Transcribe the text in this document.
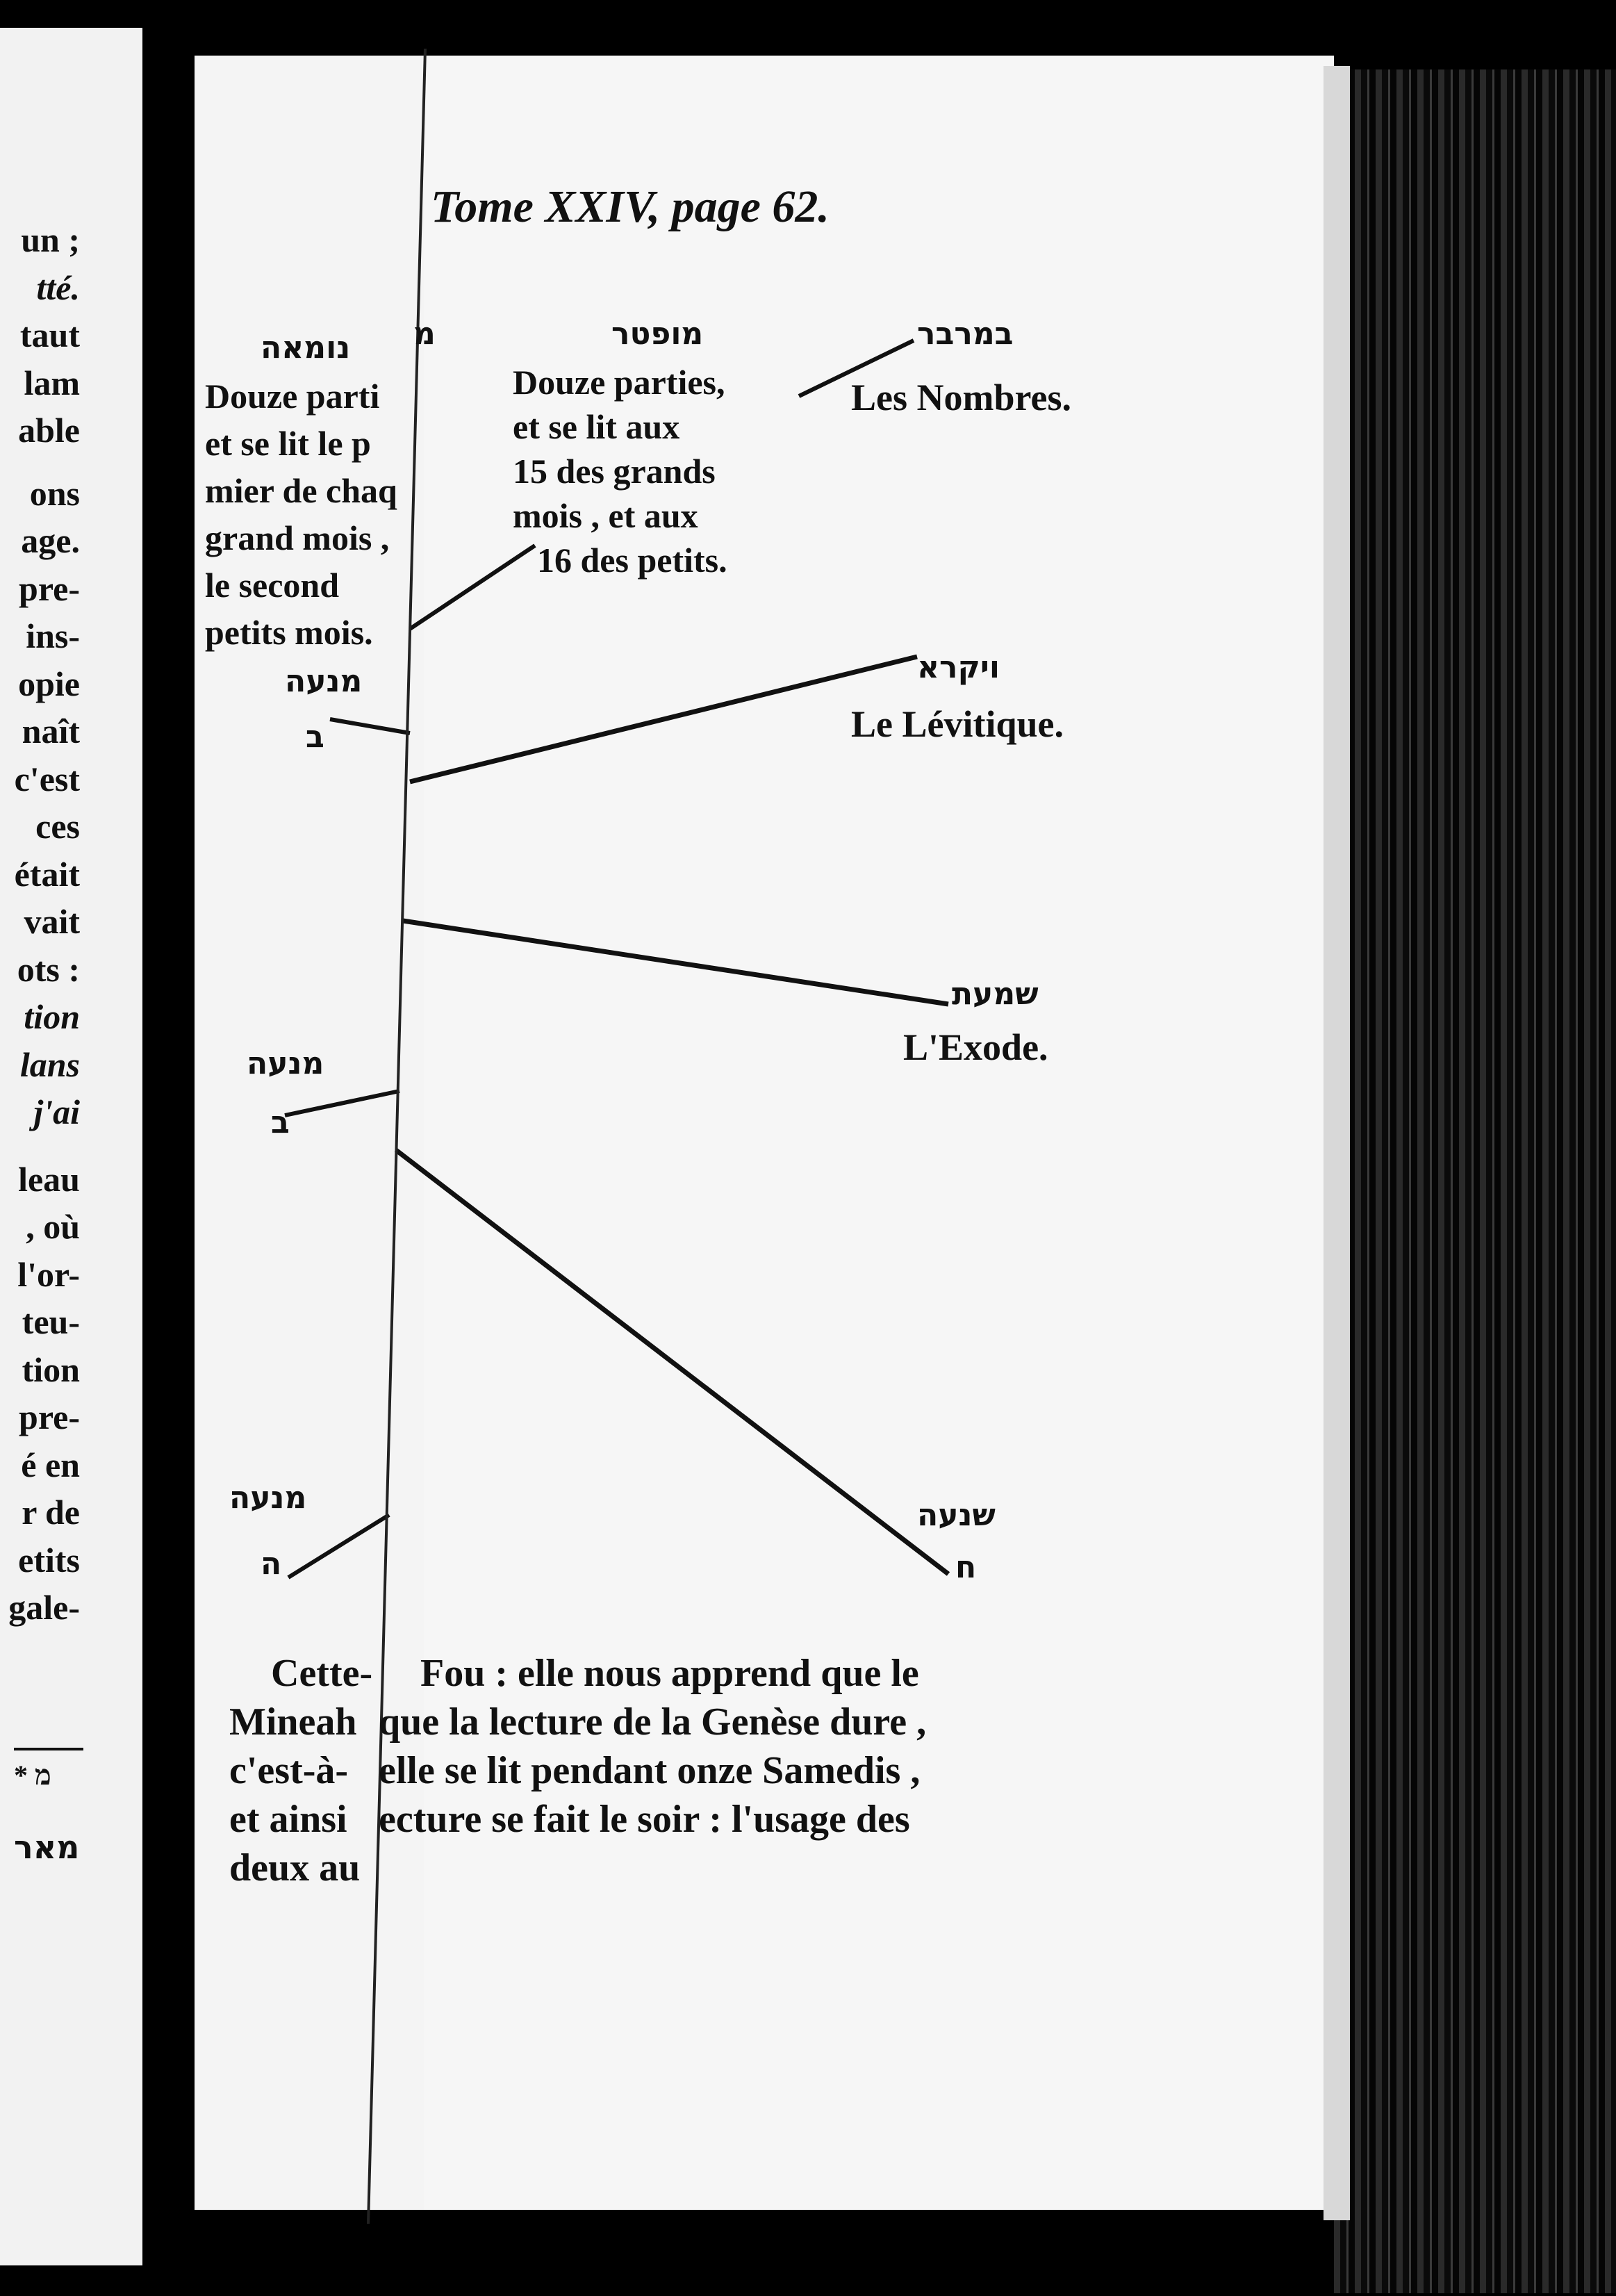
un ;
tté.
taut
lam
able
ons
age.
pre-
ins-
opie
naît
c'est
ces
était
vait
ots :
tion
lans
j'ai
leau
, où
l'or-
teu-
tion
pre-
é en
r de
etits
gale-
* מ
מאר
Tome XXIV, page 62.
נומאה
Douze parti
et se lit le p
mier de chaq
grand mois ,
le second
petits mois.
מנעה
ב
מנעה
ב
מנעה
ה
Cette-
Mineah
c'est-à-
et ainsi
deux au
מופטר
מ
Douze parties,
et se lit aux
15 des grands
mois , et aux
16 des petits.
במרבר
Les Nombres.
ויקרא
Le Lévitique.
שמעת
L'Exode.
שנעה
ח
Fou : elle nous apprend que le
que la lecture de la Genèse dure ,
elle se lit pendant onze Samedis ,
ecture se fait le soir : l'usage des
